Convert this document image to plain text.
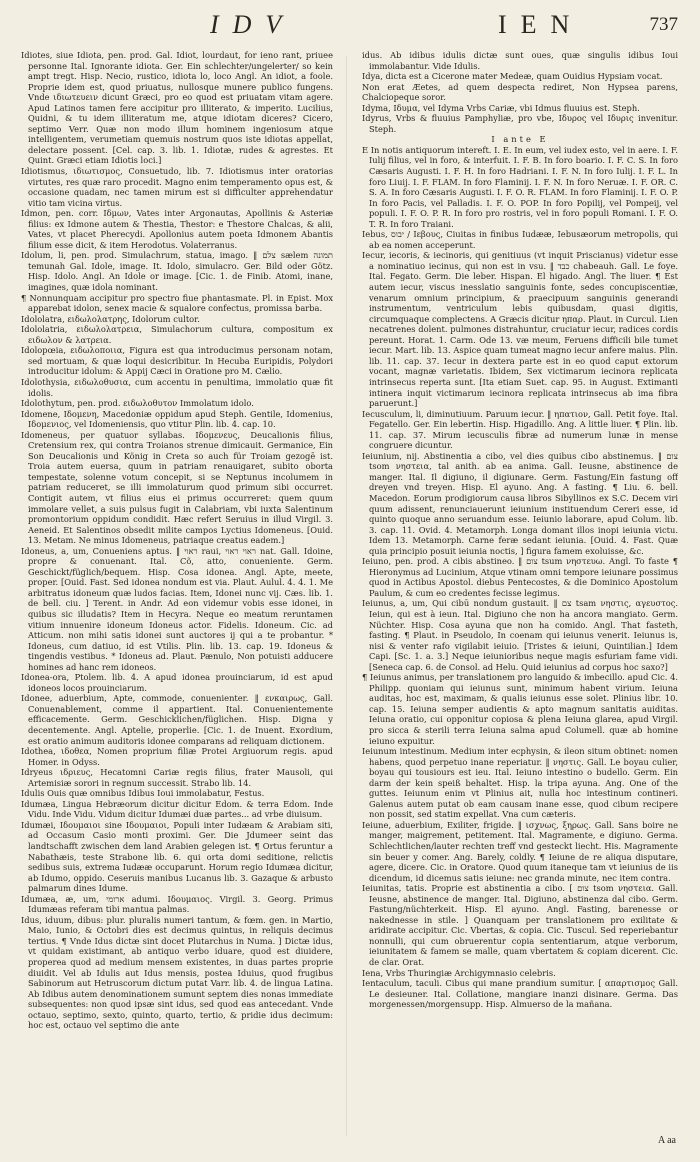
IDV	IEN	737

Idiotes, siue Idiota, pen. prod. Gal. Idiot, lourdaut, for ieno rant, priuee personne Ital. Ignorante idiota. Ger. Ein schlechter/ungelerter/ so kein ampt tregt. Hisp. Necio, rustico, idiota lo, loco Angl. An idiot, a foole. Proprie idem est, quod priuatus, nullosque munere publico fungens. Vnde ιδιωτευειν dicunt Græci, pro eo quod est priuatam vitam agere. Apud Latinos tamen fere accipitur pro illiterato, & imperito. Lucilius, Quidni, & tu idem illiteratum me, atque idiotam diceres? Cicero, septimo Verr. Quæ non modo illum hominem ingeniosum atque intelligentem, verumetiam quemuis nostrum quos iste idiotas appellat, delectare possent. [Cel. cap. 3. lib. 1. Idiotæ, rudes & agrestes. Et Quint. Græci etiam Idiotis loci.]

Idiotismus, ιδιωτισμος, Consuetudo, lib. 7. Idiotismus inter oratorias virtutes, res quæ raro procedit. Magno enim temperamento opus est, & occasione quadam, nec tamen mirum est si difficulter apprehendatur vitio tam vicina virtus.

Idmon, pen. corr. Ιδμων, Vates inter Argonautas, Apollinis & Asteriæ filius: ex Idmone autem & Thestia, Thestor: e Thestore Chalcas, & alii, Vates, vt placet Pherecydi. Apollonius autem poeta Idmonem Abantis filium esse dicit, & item Herodotus. Volaterranus.

Idolum, li, pen. prod. Simulachrum, statua, imago. ‖ צלם sælem תמונה temunah Gal. Idole, image. It. Idolo, simulacro. Ger. Bild oder Götz. Hisp. Idolo. Angl. An Idole or image. [Cic. 1. de Finib. Atomi, inane, imagines, quæ idola nominant.

¶ Nonnunquam accipitur pro spectro fiue phantasmate. Pl. in Epist. Mox apparebat idolon, senex macie & squalore confectus, promissa barba.

Idololatra, ειδωλολατρης, Idolorum cultor.

Idololatria, ειδωλολατρεια, Simulachorum cultura, compositum ex ειδωλον & λατρεια.

Idolopœia, ειδωλοποιια, Figura est qua introducimus personam notam, sed mortuam, & quæ loqui desicribitur. In Hecuba Euripidis, Polydori introducitur idolum: & Appij Cæci in Oratione pro M. Cælio.

Idolothysia, ειδωλοθυσια, cum accentu in penultima, immolatio quæ fit idolis.

Idolothytum, pen. prod. ειδωλοθυτον Immolatum idolo.

Idomene, Ιδομενη, Macedoniæ oppidum apud Steph. Gentile, Idomenius, Ιδομενιος, vel Idomeniensis, quo vtitur Plin. lib. 4. cap. 10.

Idomeneus, per quatuor syllabas. Ιδομενευς, Deucalionis filius, Cretensium rex, qui contra Troianos strenue dimicauit. Germanice, Ein Son Deucalionis und König in Creta so auch für Troiam gezogē ist. Troia autem euersa, quum in patriam renauigaret, subito oborta tempestate, solenne votum concepit, si se Neptunus incolumem in patriam reduceret, se illi immolaturum quod primum sibi occurret. Contigit autem, vt filius eius ei primus occurreret: quem quum immolare vellet, a suis pulsus fugit in Calabriam, vbi iuxta Salentinum promontorium oppidum condidit. Hæc refert Seruius in illud Virgil. 3. Aeneid. Et Salentinos obsedit milite campos Lyctius Idomeneus. [Ouid. 13. Metam. Ne minus Idomeneus, patriaque creatus eadem.]

Idoneus, a, um, Conueniens aptus. ‖ ראוי raui, ראוי ראוי nat. Gall. Idoine, propre & conuenant. Ital. Cõ, atto, conueniente. Germ. Geschickt/füglich/bequem. Hisp. Cosa idonea. Angl. Apte, meete, proper. [Ouid. Fast. Sed idonea nondum est via. Plaut. Aulul. 4. 4. 1. Me arbitratus idoneum quæ ludos facias. Item, Idonei nunc vij. Cæs. lib. 1. de bell. ciu. ] Terent. in Andr. Ad eon videmur vobis esse idonei, in quibus sic illudatis? Item in Hecyra. Neque eo meatum reruntamen vitium innuenire idoneum Idoneus actor. Fidelis. Idoneum. Cic. ad Atticum. non mihi satis idonei sunt auctores ij qui a te probantur. * Idoneus, cum datiuo, id est Vtilis. Plin. lib. 13. cap. 19. Idoneus & tingendis vestibus. * Idoneus ad. Plaut. Pænulo, Non potuisti adducere homines ad hanc rem idoneos.

Idonea-ora, Ptolem. lib. 4. A apud idonea prouinciarum, id est apud idoneos locos prouinciarum.

Idonee, aduerbium, Apte, commode, conuenienter. ‖ ενκαιρως, Gall. Conuenablement, comme il appartient. Ital. Conuenientemente efficacemente. Germ. Geschicklichen/füglichen. Hisp. Digna y decentemente. Angl. Aptelie, properlie. [Cic. 1. de Inuent. Exordium, est oratio animum auditoris idonee comparans ad reliquam dictionem.

Idothea, ιδοθεα, Nomen proprium filiæ Protei Argiuorum regis. apud Homer. in Odyss.

Idryeus ιδριευς, Hecatomni Cariæ regis filius, frater Mausoli, qui Artemisiæ sorori in regnum successit. Strabo lib. 14.

Idulis Ouis quæ omnibus Idibus Ioui immolabatur, Festus.

Idumæa, Lingua Hebræorum dicitur dicitur Edom. & terra Edom. Inde Vidu. Inde Vidu. Vidum dicitur Idumæi duæ partes... ad vrbe diuisum.

Idumæi, Ιδουμαιοι sine Ιδουμαιοι, Populi inter Iudæam & Arabiam siti, ad Occasum Casio monti proximi. Ger. Die Jdumeer seint das landtschafft zwischen dem land Arabien gelegen ist. ¶ Ortus feruntur a Nabathæis, teste Strabone lib. 6. qui orta domi seditione, relictis sedibus suis, extrema Iudææ occuparunt. Horum regio Idumæa dicitur, ab Idumo, oppido. Ceseruis manibus Lucanus lib. 3. Gazaque & arbusto palmarum dines Idume.

Idumæa, æ, um, ארומי adumi. Ιδουμαιος. Virgil. 3. Georg. Primus Idumæas referam tibi mantua palmas.

Idus, iduum, dibus: plur. pluralis numeri tantum, & fœm. gen. in Martio, Maio, Iunio, & Octobri dies est decimus quintus, in reliquis decimus tertius. ¶ Vnde Idus dictæ sint docet Plutarchus in Numa. ] Dictæ idus, vt quidam existimant, ab antiquo verbo iduare, quod est diuidere, properea quod ad medium mensem existentes, in duas partes proprie diuidit. Vel ab Idulis aut Idus mensis, postea Iduius, quod frugibus Sabinorum aut Hetruscorum dictum putat Varr. lib. 4. de lingua Latina. Ab Idibus autem denominationem sumunt septem dies nonas immediate subsequentes: non quod ipsæ sint idus, sed quod eas antecedant. Vnde octauo, septimo, sexto, quinto, quarto, tertio, & pridie idus decimum: hoc est, octauo vel septimo die ante

idus. Ab idibus idulis dictæ sunt oues, quæ singulis idibus Ioui immolabantur. Vide Idulis.

Idya, dicta est a Cicerone mater Medeæ, quam Ouidius Hypsiam vocat.

Non erat Æetes, ad quem despecta rediret, Non Hypsea parens, Chalciopeque soror.

Idyma, Ιδυμα, vel Idyma Vrbs Cariæ, vbi Idmus fluuius est. Steph.

Idyrus, Vrbs & fluuius Pamphyliæ, pro vbe, Ιδυρος vel Ιδυρις invenitur. Steph.

I ante E

E In notis antiquorum intereft. I. E. In eum, vel iudex esto, vel in aere. I. F. Iulij filius, vel in foro, & interfuit. I. F. B. In foro boario. I. F. C. S. In foro Cæsaris Augusti. I. F. H. In foro Hadriani. I. F. N. In foro Iulij. I. F. L. In foro Liuij. I. F. FLAM. In foro Flaminij. I. F. N. In foro Neruæ. I. F. OR. C. S. A. In foro Cæsaris Augusti. I. F. O. R. FLAM. In foro Flaminij. I. F. O. P. In foro Pacis, vel Palladis. I. F. O. POP. In foro Popilij, vel Pompeij, vel populi. I. F. O. P. R. In foro pro rostris, vel in foro populi Romani. I. F. O. T. R. In foro Traiani.

Iebus, יבוס / Ιεβους, Ciuitas in finibus Iudææ, Iebusæorum metropolis, qui ab ea nomen acceperunt.

Iecur, iecoris, & iecinoris, qui genitiuus (vt inquit Priscianus) videtur esse a nominatiuo iecinus, qui non est in vsu. ‖ כבד chabeauh. Gall. Le foye. Ital. Fegato. Germ. Die leber. Hispan. El higado. Angl. The liuer. ¶ Est autem iecur, viscus inesslatio sanguinis fonte, sedes concupiscentiæ, venarum omnium principium, & praecipuum sanguinis generandi instrumentum, ventriculum lebis quibusdam, quasi digitis, circumquaque complectens. A Græcis dicitur ηπαρ. Plaut. in Curcul. Lien necatrenes dolent. pulmones distrahuntur, cruciatur iecur, radices cordis pereunt. Horat. 1. Carm. Ode 13. væ meum, Feruens difficili bile tumet iecur. Mart. lib. 13. Aspice quam tumeat magno iecur anfere maius. Plin. lib. 11. cap. 37. Iecur in dextera parte est in eo quod caput extorum vocant, magnæ varietatis. Ibidem, Sex victimarum iecinora replicata intrinsecus reperta sunt. [Ita etiam Suet. cap. 95. in August. Extimanti intinera inquit victimarum iecinora replicata intrinsecus ab ima fibra paruerunt.]

Iecusculum, li, diminutiuum. Paruum iecur. ‖ ηπατιον, Gall. Petit foye. Ital. Fegatello. Ger. Ein lebertin. Hisp. Higadillo. Ang. A little liuer. ¶ Plin. lib. 11. cap. 37. Mirum iecusculis fibræ ad numerum lunæ in mense congruere dicuntur.

Ieiunium, nij. Abstinentia a cibo, vel dies quibus cibo abstinemus. ‖ צום tsom νηστεια, tal anith. ab ea anima. Gall. Ieusne, abstinence de manger. Ital. Il digiuno, il digiunare. Germ. Fastung/Ein fastung off dreyen vnd treyen. Hisp. El ayuno. Ang. A fasting. ¶ Liu. 6. bell. Macedon. Eorum prodigiorum causa libros Sibyllinos ex S.C. Decem viri quum adissent, renunciauerunt ieiunium instituendum Cereri esse, id quinto quoque anno seruandum esse. Ieiunio laborare, apud Colum. lib. 3. cap. 11. Ovid. 4. Metamorph. Longa domant illos inopi ieiunia victu. Idem 13. Metamorph. Carne feræ sedant ieiunia. [Ouid. 4. Fast. Quæ quia principio posuit ieiunia noctis, ] figura famem exoluisse, &c.

Ieiuno, pen. prod. A cibis abstineo. ‖ צום tsum νηστευω. Angl. To faste ¶ Hieronymus ad Lucinium, Atque vtinam omni tempore ieiunare possimus quod in Actibus Apostol. diebus Pentecostes, & die Dominico Apostolum Paulum, & cum eo credentes fecisse legimus.

Ieiunus, a, um, Qui cibū nondum gustauit. ‖ צם tsam νηστις, αγευστος. Ieiun, qui est à ieun. Ital. Digiuno che non ha ancora mangiato. Germ. Nüchter. Hisp. Cosa ayuna que non ha comido. Angl. That fasteth, fasting. ¶ Plaut. in Pseudolo, In coenam qui ieiunus venerit. Ieiunus is, nisi & venter rafo vigilabit ieiuio. [Tristes & ieiuni, Quintilian.] Idem Capi. [Sc. 1. a. 3.] Neque ieiunioribus neque magis esfuriam fame vidi. [Seneca cap. 6. de Consol. ad Helu. Quid ieiunius ad corpus hoc saxo?]

¶ Ieiunus animus, per translationem pro languido & imbecillo. apud Cic. 4. Philipp. quoniam qui ieiunus sunt, minimum habent virium. Ieiuna auditas, hoc est, maximam, & qualis ieiunus esse solet. Plinius libr. 10. cap. 15. Ieiuna semper audientis & apto magnum sanitatis auiditas. Ieiuna oratio, cui opponitur copiosa & plena Ieiuna glarea, apud Virgil. pro sicca & sterili terra Ieiuna salma apud Columell. quæ ab homine ieiuno expuitur.

Ieiunum intestinum. Medium inter ecphysin, & ileon situm obtinet: nomen habens, quod perpetuo inane reperiatur. ‖ νηστις. Gall. Le boyau culier, boyau qui tousiours est ieu. Ital. Ieiuno intestino o budello. Germ. Ein darm der kein speiß behaltet. Hisp. la tripa ayuna. Ang. One of the guttes. Ieiunum enim vt Plinius ait, nulla hoc intestinum contineri. Galenus autem putat ob eam causam inane esse, quod cibum recipere non possit, sed statim expellat. Vna cum cæteris.

Ieiune, aduerbium, Exiliter, frigide. ‖ ισχνως, ξηρως. Gall. Sans boire ne manger, maigrement, petitement. Ital. Magramente, e digiuno. Germa. Schlechtlichen/lauter rechten treff vnd gesteckt liecht. His. Magramente sin beuer y comer. Ang. Barely, coldly. ¶ Ieiune de re aliqua disputare, agere, dicere. Cic. in Oratore. Quod quum itaneque tam vt ieiunius de iis dicendum, id dicemus satis ieiune: nec granda minute, nec item contra.

Ieiunitas, tatis. Proprie est abstinentia a cibo. [ צום tsom νηστεια. Gall. Ieusne, abstinence de manger. Ital. Digiuno, abstinenza dal cibo. Germ. Fastung/nüchterkeit. Hisp. El ayuno. Angl. Fasting, barenesse or nakednesse in stile. ] Quanquam per translationem pro exilitate & aridirate accipitur. Cic. Vbertas, & copia. Cic. Tuscul. Sed reperiebantur nonnulli, qui cum obruerentur copia sententiarum, atque verborum, ieiunitatem & famem se malle, quam vbertatem & copiam dicerent. Cic. de clar. Orat.

Iena, Vrbs Thuringiæ Archigymnasio celebris.

Ientaculum, taculi. Cibus qui mane prandium sumitur. [ απαρτισμος Gall. Le desieuner. Ital. Collatione, mangiare inanzi disinare. Germa. Das morgenessen/morgensupp. Hisp. Almuerso de la mañana.

A aa
